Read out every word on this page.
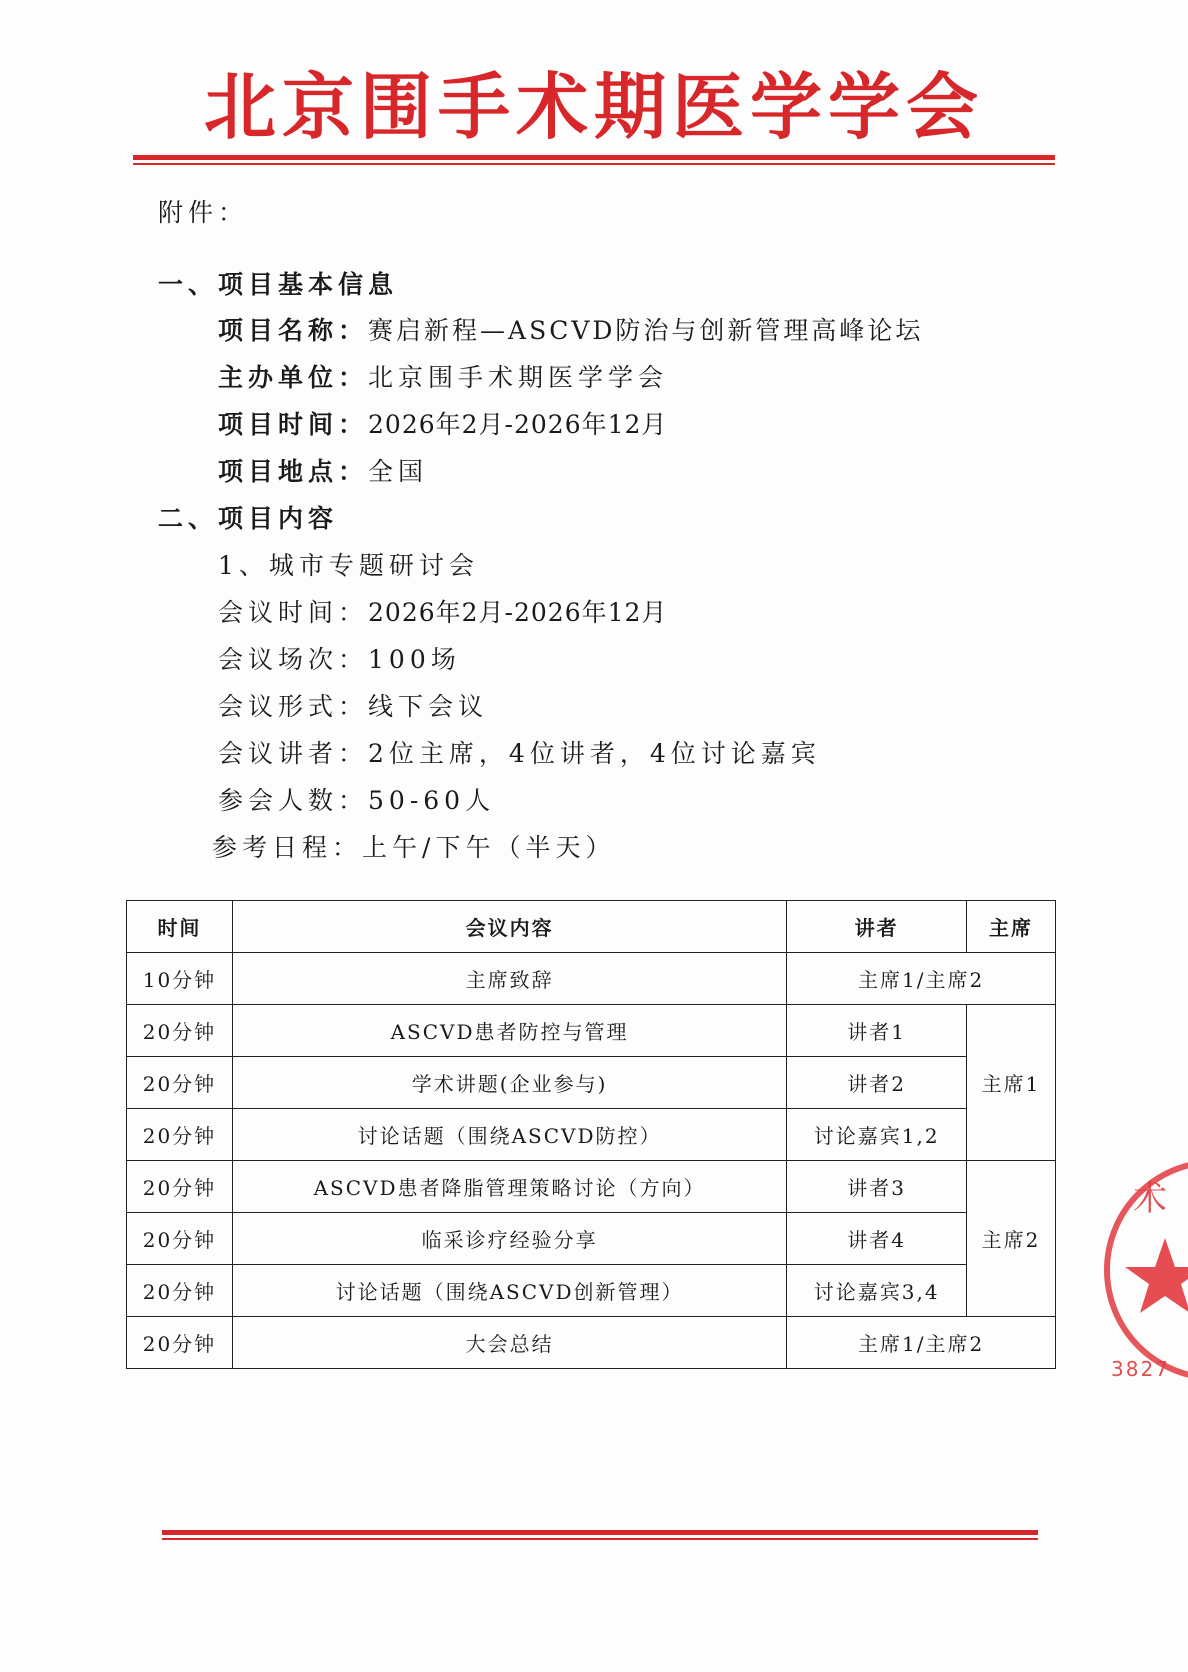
北京围手术期医学学会
附件：
一、项目基本信息
项目名称：赛启新程—ASCVD防治与创新管理高峰论坛
主办单位：北京围手术期医学学会
项目时间：2026年2月-2026年12月
项目地点：全国
二、项目内容
1、城市专题研讨会
会议时间：2026年2月-2026年12月
会议场次：100场
会议形式：线下会议
会议讲者：2位主席，4位讲者，4位讨论嘉宾
参会人数：50-60人
参考日程：上午/下午（半天）
时间	会议内容	讲者	主席
10分钟	主席致辞	主席1/主席2	
20分钟	ASCVD患者防控与管理	讲者1	主席1
20分钟	学术讲题(企业参与)	讲者2	
20分钟	讨论话题（围绕ASCVD防控）	讨论嘉宾1,2	
20分钟	ASCVD患者降脂管理策略讨论（方向）	讲者3	主席2
20分钟	临采诊疗经验分享	讲者4	
20分钟	讨论话题（围绕ASCVD创新管理）	讨论嘉宾3,4	
20分钟	大会总结	主席1/主席2	
术
3827
